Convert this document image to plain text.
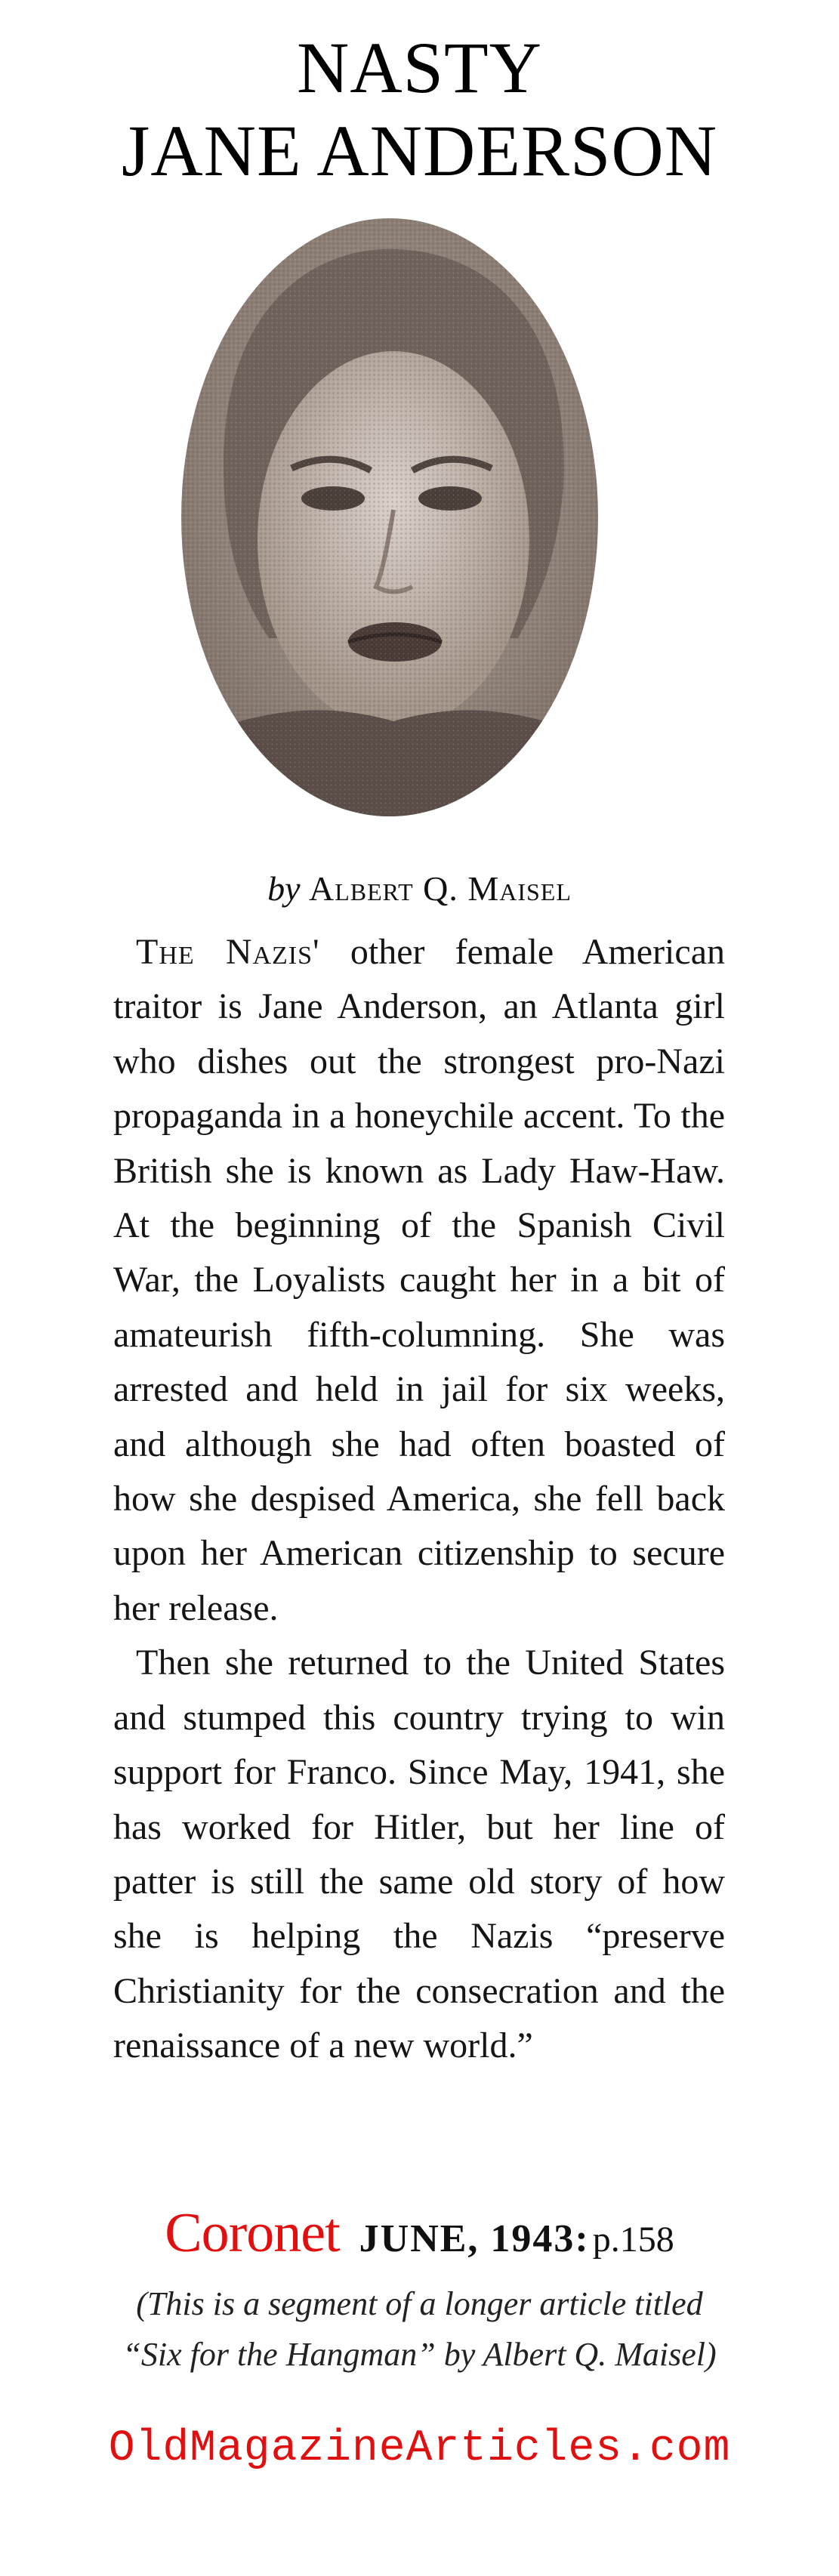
NASTY
JANE ANDERSON
by Albert Q. Maisel

The Nazis' other female American traitor is Jane Anderson, an Atlanta girl who dishes out the strongest pro-Nazi propaganda in a honeychile accent. To the British she is known as Lady Haw-Haw. At the beginning of the Spanish Civil War, the Loyalists caught her in a bit of amateurish fifth-columning. She was arrested and held in jail for six weeks, and although she had often boasted of how she despised America, she fell back upon her American citizenship to secure her release.

Then she returned to the United States and stumped this country trying to win support for Franco. Since May, 1941, she has worked for Hitler, but her line of patter is still the same old story of how she is helping the Nazis “preserve Christianity for the consecration and the renaissance of a new world.”

Coronet JUNE, 1943: p.158
(This is a segment of a longer article titled
“Six for the Hangman” by Albert Q. Maisel)
OldMagazineArticles.com
